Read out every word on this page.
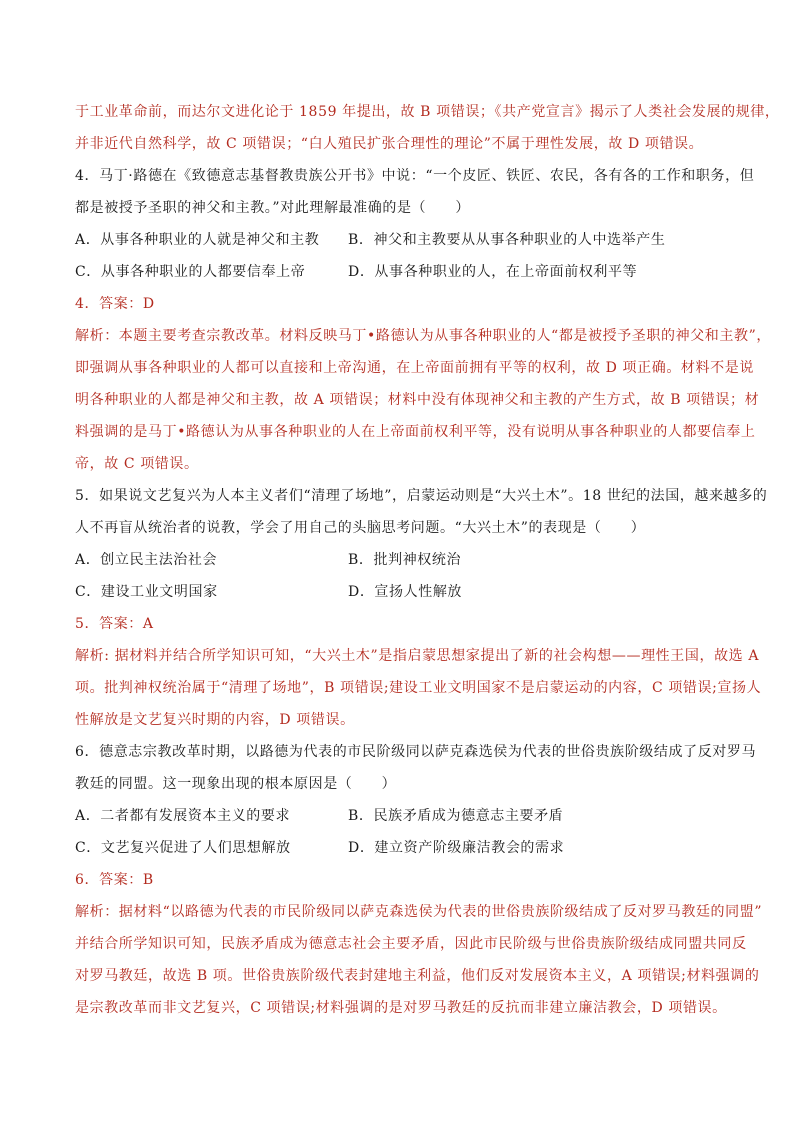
于工业革命前，而达尔文进化论于 1859 年提出，故 B 项错误；《共产党宣言》揭示了人类社会发展的规律，
并非近代自然科学，故 C 项错误；“白人殖民扩张合理性的理论”不属于理性发展，故 D 项错误。
4．马丁·路德在《致德意志基督教贵族公开书》中说：“一个皮匠、铁匠、农民，各有各的工作和职务，但
都是被授予圣职的神父和主教。”对此理解最准确的是（　　）
A．从事各种职业的人就是神父和主教	B．神父和主教要从从事各种职业的人中选举产生
C．从事各种职业的人都要信奉上帝	D．从事各种职业的人，在上帝面前权利平等
4．答案：D
解析：本题主要考查宗教改革。材料反映马丁•路德认为从事各种职业的人“都是被授予圣职的神父和主教”，
即强调从事各种职业的人都可以直接和上帝沟通，在上帝面前拥有平等的权利，故 D 项正确。材料不是说
明各种职业的人都是神父和主教，故 A 项错误；材料中没有体现神父和主教的产生方式，故 B 项错误；材
料强调的是马丁•路德认为从事各种职业的人在上帝面前权利平等，没有说明从事各种职业的人都要信奉上
帝，故 C 项错误。
5．如果说文艺复兴为人本主义者们“清理了场地”，启蒙运动则是“大兴土木”。18 世纪的法国，越来越多的
人不再盲从统治者的说教，学会了用自己的头脑思考问题。“大兴土木”的表现是（　　）
A．创立民主法治社会	B．批判神权统治
C．建设工业文明国家	D．宣扬人性解放
5．答案：A
解析: 据材料并结合所学知识可知，“大兴土木”是指启蒙思想家提出了新的社会构想——理性王国，故选 A
项。批判神权统治属于“清理了场地”，B 项错误;建设工业文明国家不是启蒙运动的内容，C 项错误;宣扬人
性解放是文艺复兴时期的内容，D 项错误。
6．德意志宗教改革时期，以路德为代表的市民阶级同以萨克森选侯为代表的世俗贵族阶级结成了反对罗马
教廷的同盟。这一现象出现的根本原因是（　　）
A．二者都有发展资本主义的要求	B．民族矛盾成为德意志主要矛盾
C．文艺复兴促进了人们思想解放	D．建立资产阶级廉洁教会的需求
6．答案：B
解析：据材料“以路德为代表的市民阶级同以萨克森选侯为代表的世俗贵族阶级结成了反对罗马教廷的同盟”
并结合所学知识可知，民族矛盾成为德意志社会主要矛盾，因此市民阶级与世俗贵族阶级结成同盟共同反
对罗马教廷，故选 B 项。世俗贵族阶级代表封建地主利益，他们反对发展资本主义，A 项错误;材料强调的
是宗教改革而非文艺复兴，C 项错误;材料强调的是对罗马教廷的反抗而非建立廉洁教会，D 项错误。
